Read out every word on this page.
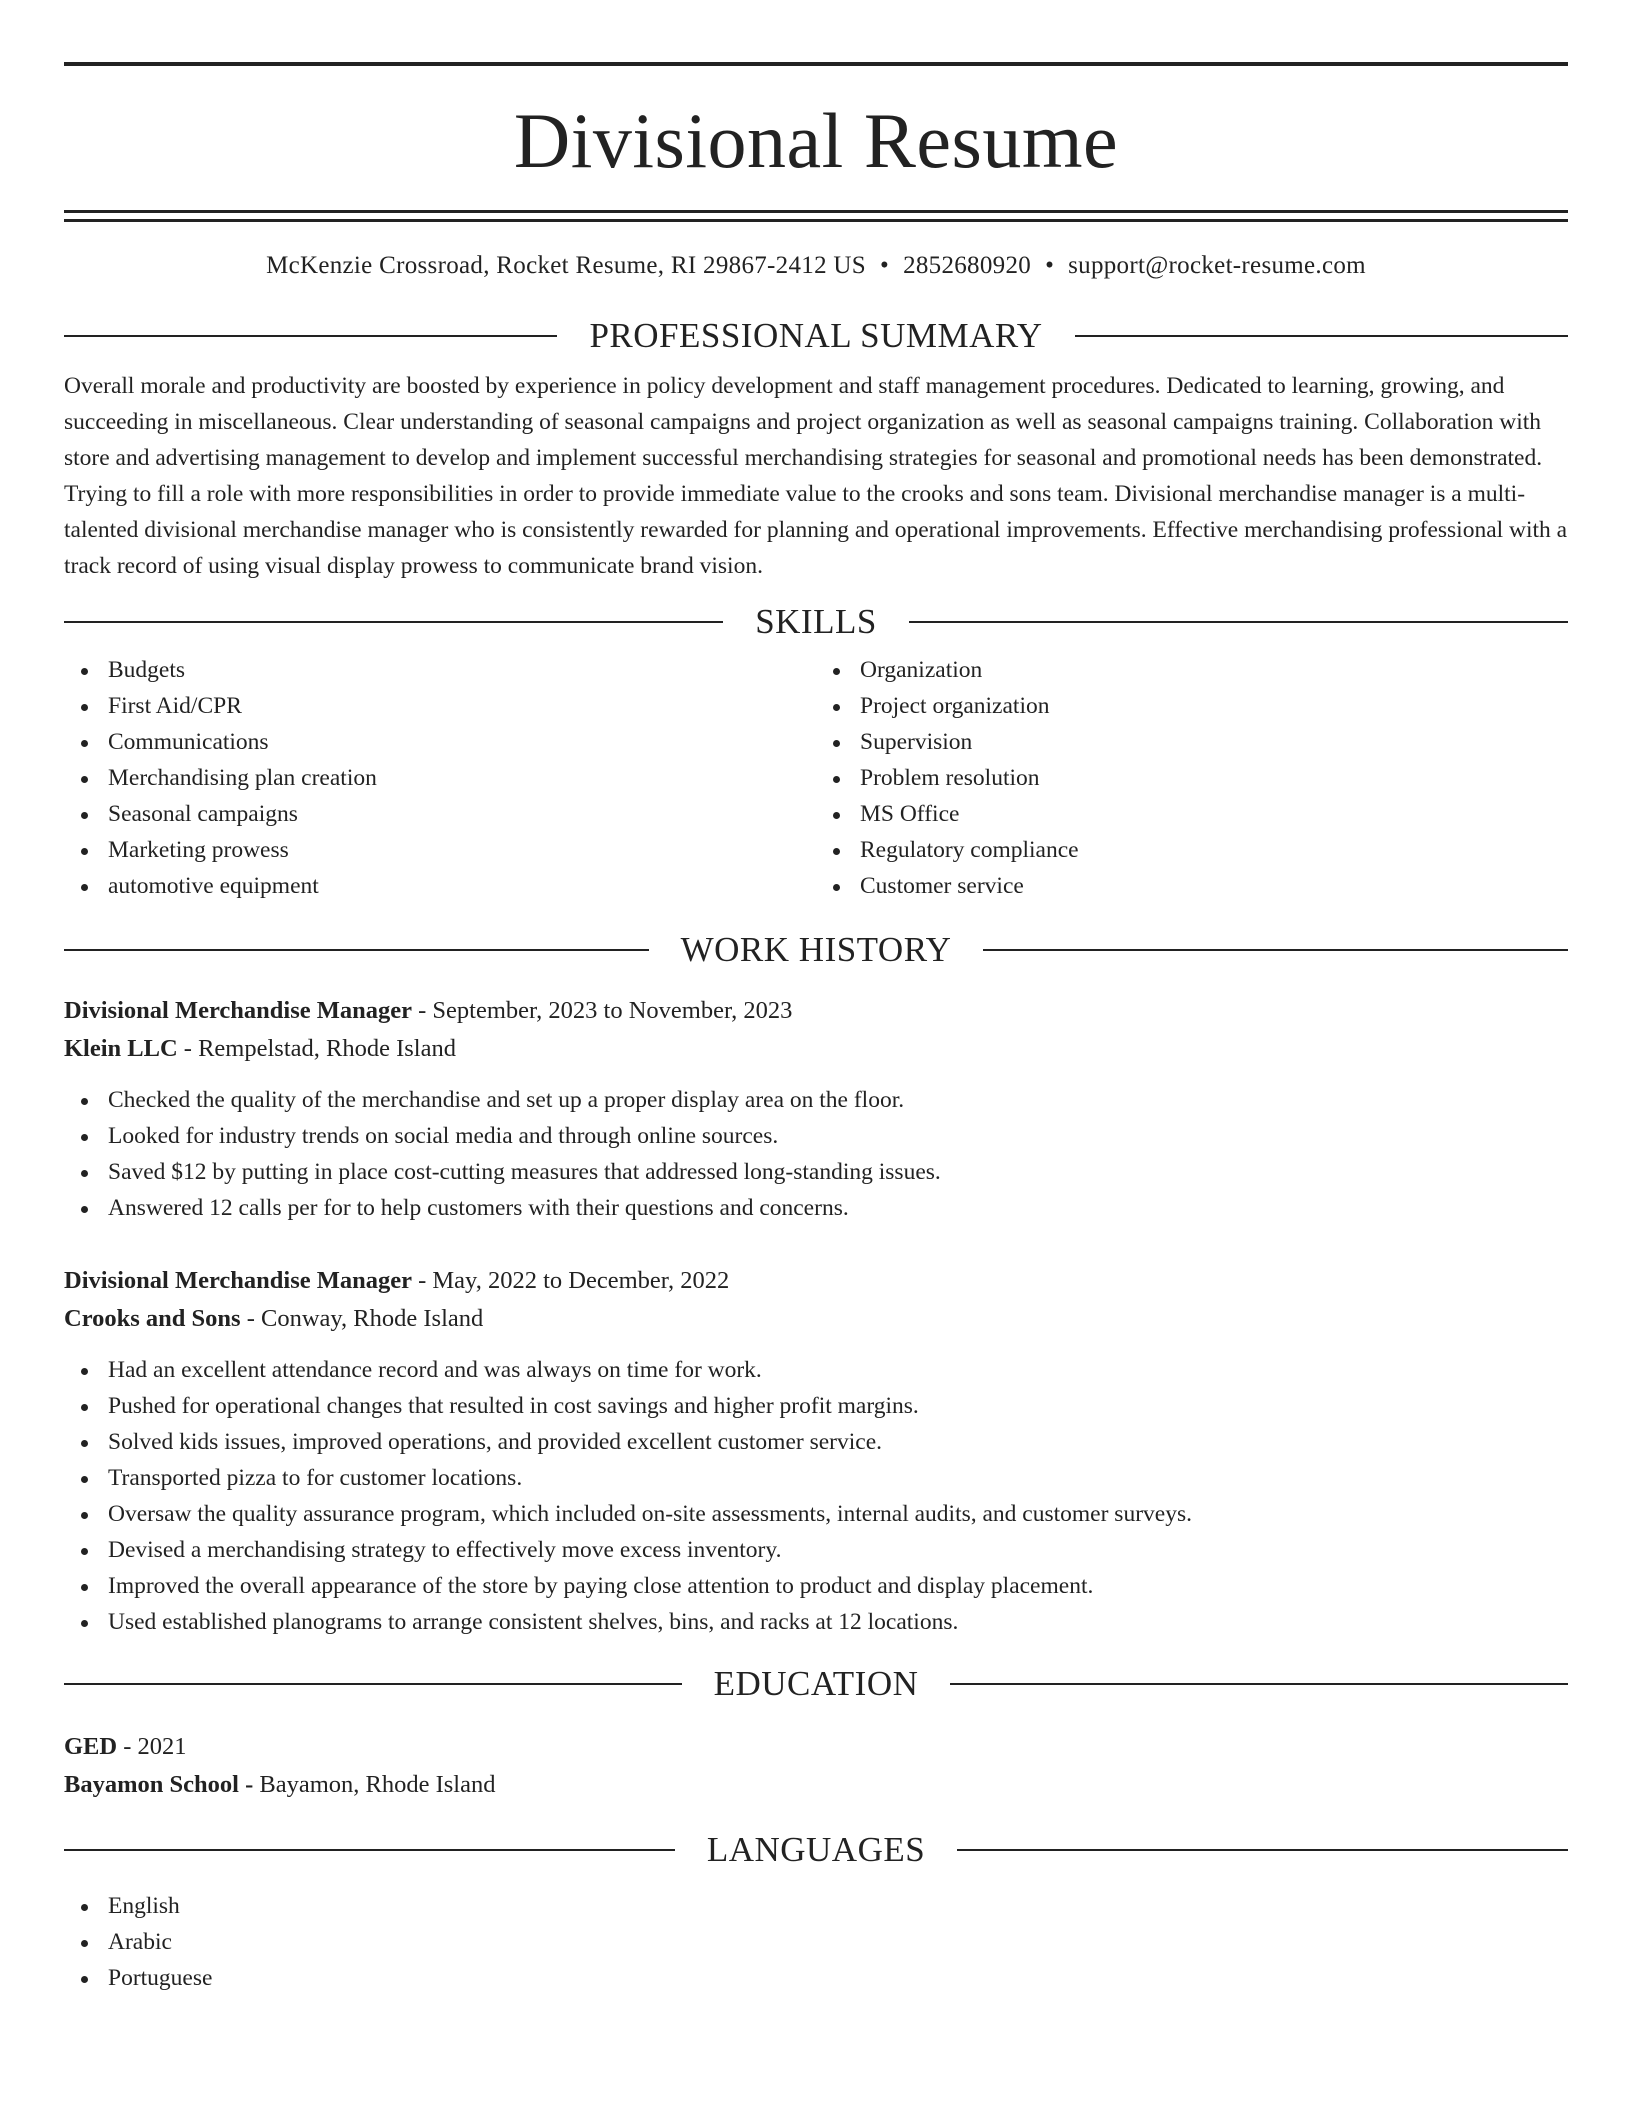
Divisional Resume
McKenzie Crossroad, Rocket Resume, RI 29867-2412 US • 2852680920 • support@rocket-resume.com
PROFESSIONAL SUMMARY

Overall morale and productivity are boosted by experience in policy development and staff management procedures. Dedicated to learning, growing, and succeeding in miscellaneous. Clear understanding of seasonal campaigns and project organization as well as seasonal campaigns training. Collaboration with store and advertising management to develop and implement successful merchandising strategies for seasonal and promotional needs has been demonstrated. Trying to fill a role with more responsibilities in order to provide immediate value to the crooks and sons team. Divisional merchandise manager is a multi-talented divisional merchandise manager who is consistently rewarded for planning and operational improvements. Effective merchandising professional with a track record of using visual display prowess to communicate brand vision.

SKILLS
Budgets
First Aid/CPR
Communications
Merchandising plan creation
Seasonal campaigns
Marketing prowess
automotive equipment
Organization
Project organization
Supervision
Problem resolution
MS Office
Regulatory compliance
Customer service
WORK HISTORY
Divisional Merchandise Manager - September, 2023 to November, 2023
Klein LLC - Rempelstad, Rhode Island
Checked the quality of the merchandise and set up a proper display area on the floor.
Looked for industry trends on social media and through online sources.
Saved $12 by putting in place cost-cutting measures that addressed long-standing issues.
Answered 12 calls per for to help customers with their questions and concerns.
Divisional Merchandise Manager - May, 2022 to December, 2022
Crooks and Sons - Conway, Rhode Island
Had an excellent attendance record and was always on time for work.
Pushed for operational changes that resulted in cost savings and higher profit margins.
Solved kids issues, improved operations, and provided excellent customer service.
Transported pizza to for customer locations.
Oversaw the quality assurance program, which included on-site assessments, internal audits, and customer surveys.
Devised a merchandising strategy to effectively move excess inventory.
Improved the overall appearance of the store by paying close attention to product and display placement.
Used established planograms to arrange consistent shelves, bins, and racks at 12 locations.
EDUCATION
GED - 2021
Bayamon School - Bayamon, Rhode Island
LANGUAGES
English
Arabic
Portuguese
